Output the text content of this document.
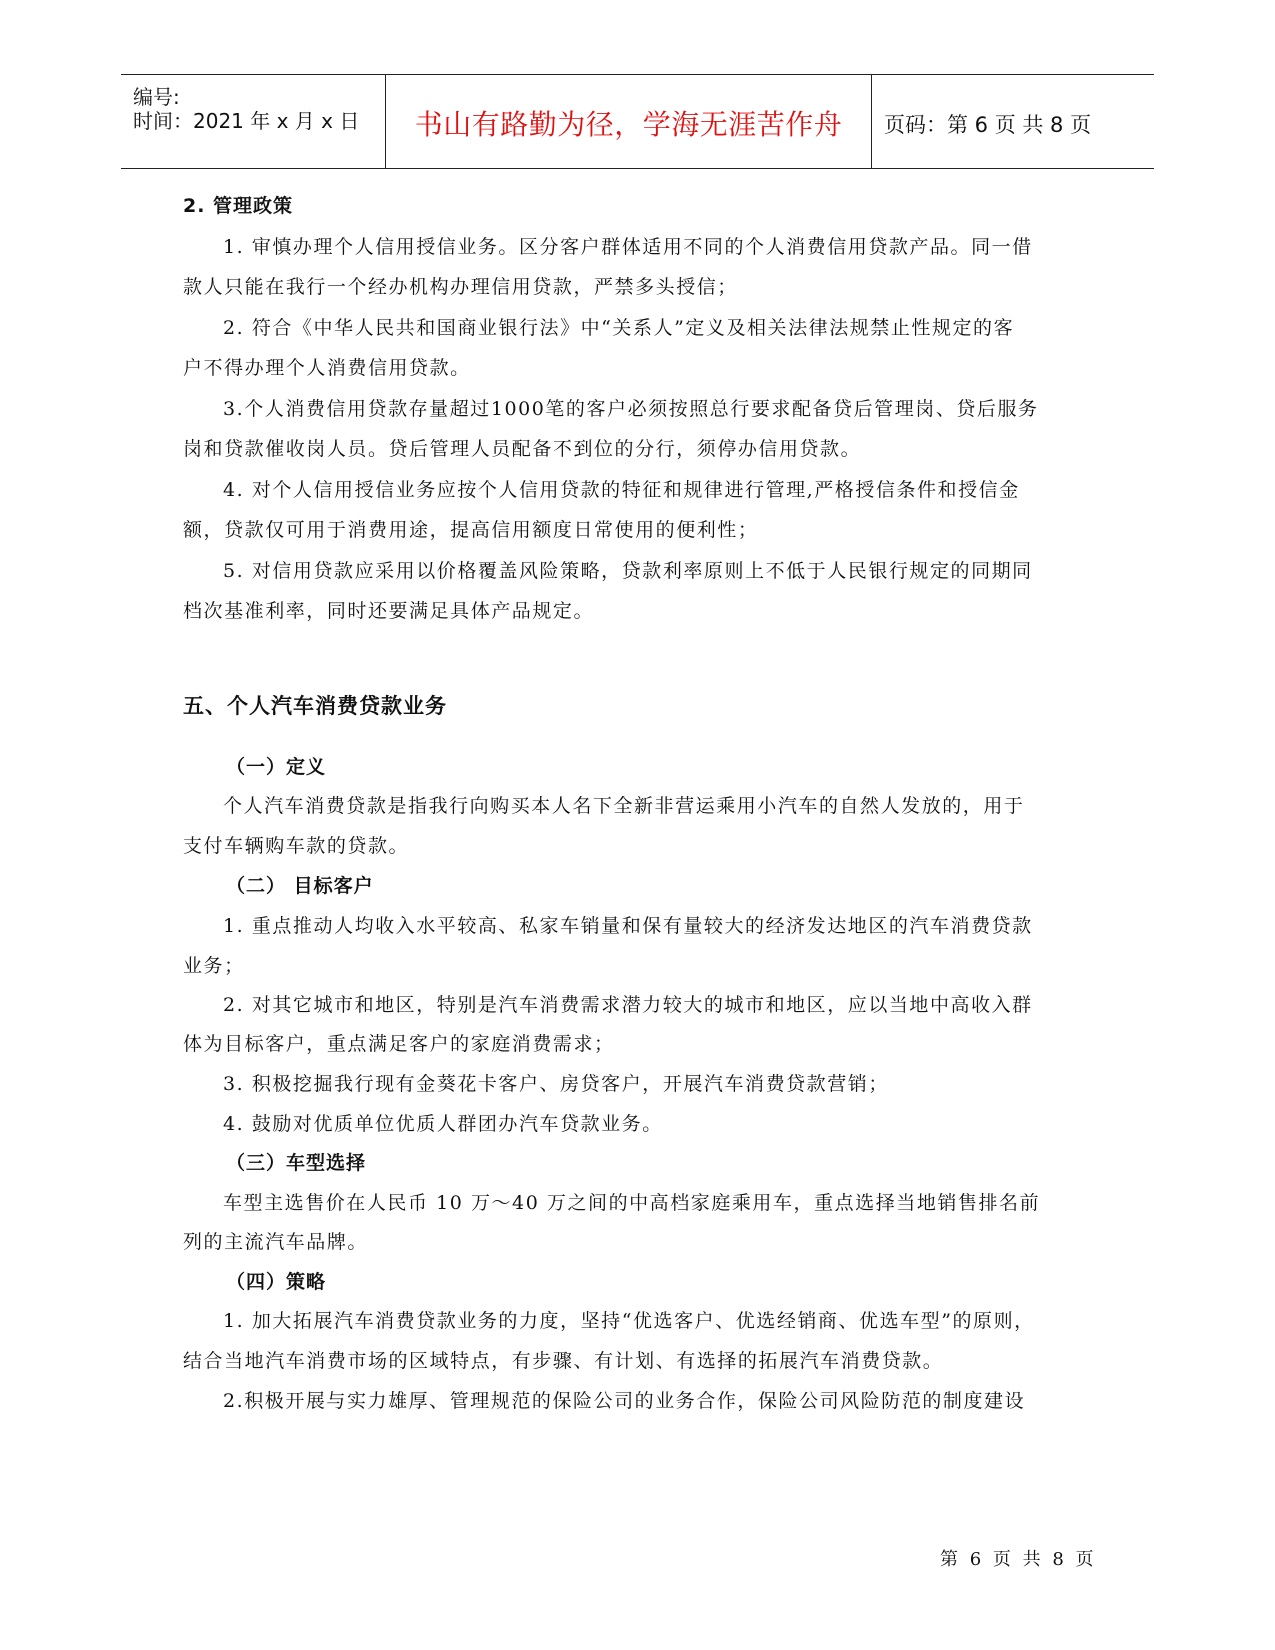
编号:
时间：2021 年 x 月 x 日	书山有路勤为径，学海无涯苦作舟	页码：第 6 页 共 8 页
2. 管理政策
1. 审慎办理个人信用授信业务。区分客户群体适用不同的个人消费信用贷款产品。同一借
款人只能在我行一个经办机构办理信用贷款，严禁多头授信；
2. 符合《中华人民共和国商业银行法》中“关系人”定义及相关法律法规禁止性规定的客
户不得办理个人消费信用贷款。
3.个人消费信用贷款存量超过1000笔的客户必须按照总行要求配备贷后管理岗、贷后服务
岗和贷款催收岗人员。贷后管理人员配备不到位的分行，须停办信用贷款。
4. 对个人信用授信业务应按个人信用贷款的特征和规律进行管理,严格授信条件和授信金
额，贷款仅可用于消费用途，提高信用额度日常使用的便利性；
5. 对信用贷款应采用以价格覆盖风险策略，贷款利率原则上不低于人民银行规定的同期同
档次基准利率，同时还要满足具体产品规定。
五、个人汽车消费贷款业务
（一）定义
个人汽车消费贷款是指我行向购买本人名下全新非营运乘用小汽车的自然人发放的，用于
支付车辆购车款的贷款。
（二） 目标客户
1. 重点推动人均收入水平较高、私家车销量和保有量较大的经济发达地区的汽车消费贷款
业务；
2. 对其它城市和地区，特别是汽车消费需求潜力较大的城市和地区，应以当地中高收入群
体为目标客户，重点满足客户的家庭消费需求；
3. 积极挖掘我行现有金葵花卡客户、房贷客户，开展汽车消费贷款营销；
4. 鼓励对优质单位优质人群团办汽车贷款业务。
（三）车型选择
车型主选售价在人民币 10 万～40 万之间的中高档家庭乘用车，重点选择当地销售排名前
列的主流汽车品牌。
（四）策略
1. 加大拓展汽车消费贷款业务的力度，坚持“优选客户、优选经销商、优选车型”的原则，
结合当地汽车消费市场的区域特点，有步骤、有计划、有选择的拓展汽车消费贷款。
2.积极开展与实力雄厚、管理规范的保险公司的业务合作，保险公司风险防范的制度建设
第 6 页 共 8 页
